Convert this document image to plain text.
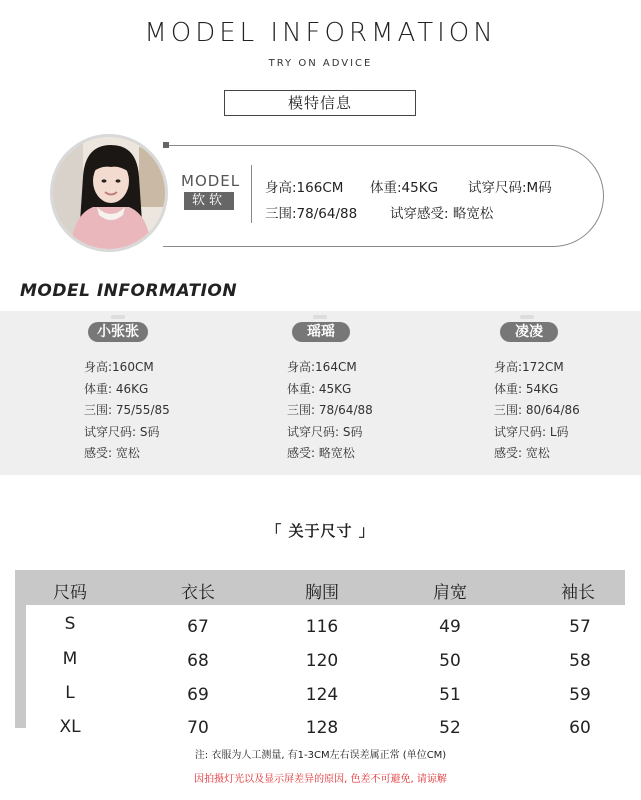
MODEL INFORMATION
TRY ON ADVICE
模特信息
MODEL
软软
身高:166CM 体重:45KG 试穿尺码:M码
三围:78/64/88 试穿感受: 略宽松
MODEL INFORMATION
小张张
身高:160CM
体重: 46KG
三围: 75/55/85
试穿尺码: S码
感受: 宽松
瑶瑶
身高:164CM
体重: 45KG
三围: 78/64/88
试穿尺码: S码
感受: 略宽松
凌凌
身高:172CM
体重: 54KG
三围: 80/64/86
试穿尺码: L码
感受: 宽松
「 关于尺寸 」
尺码	衣长	胸围	肩宽	袖长
S	67	116	49	57
M	68	120	50	58
L	69	124	51	59
XL	70	128	52	60
注: 衣服为人工测量, 有1-3CM左右误差属正常 (单位CM)
因拍摄灯光以及显示屏差异的原因, 色差不可避免, 请谅解
